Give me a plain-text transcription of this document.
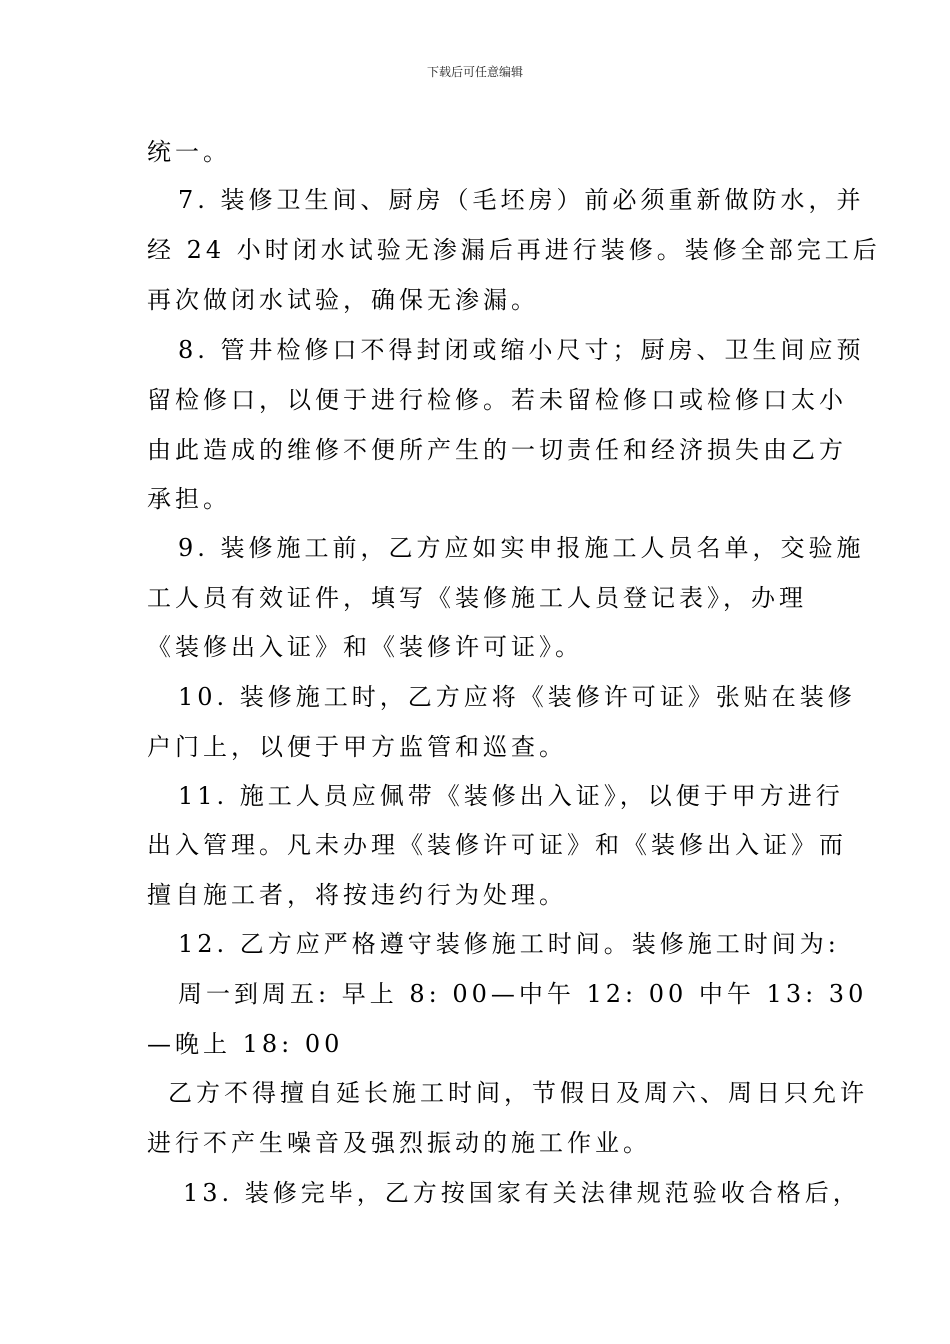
下载后可任意编辑
统一。
7. 装修卫生间、厨房（毛坯房）前必须重新做防水，并
经 24 小时闭水试验无渗漏后再进行装修。装修全部完工后
再次做闭水试验，确保无渗漏。
8. 管井检修口不得封闭或缩小尺寸；厨房、卫生间应预
留检修口，以便于进行检修。若未留检修口或检修口太小
由此造成的维修不便所产生的一切责任和经济损失由乙方
承担。
9. 装修施工前，乙方应如实申报施工人员名单，交验施
工人员有效证件，填写《装修施工人员登记表》，办理
《装修出入证》和《装修许可证》。
10. 装修施工时，乙方应将《装修许可证》张贴在装修
户门上，以便于甲方监管和巡查。
11. 施工人员应佩带《装修出入证》，以便于甲方进行
出入管理。凡未办理《装修许可证》和《装修出入证》而
擅自施工者，将按违约行为处理。
12. 乙方应严格遵守装修施工时间。装修施工时间为:
周一到周五: 早上 8: 00—中午 12: 00 中午 13: 30
—晚上 18: 00
乙方不得擅自延长施工时间，节假日及周六、周日只允许
进行不产生噪音及强烈振动的施工作业。
13. 装修完毕，乙方按国家有关法律规范验收合格后，
